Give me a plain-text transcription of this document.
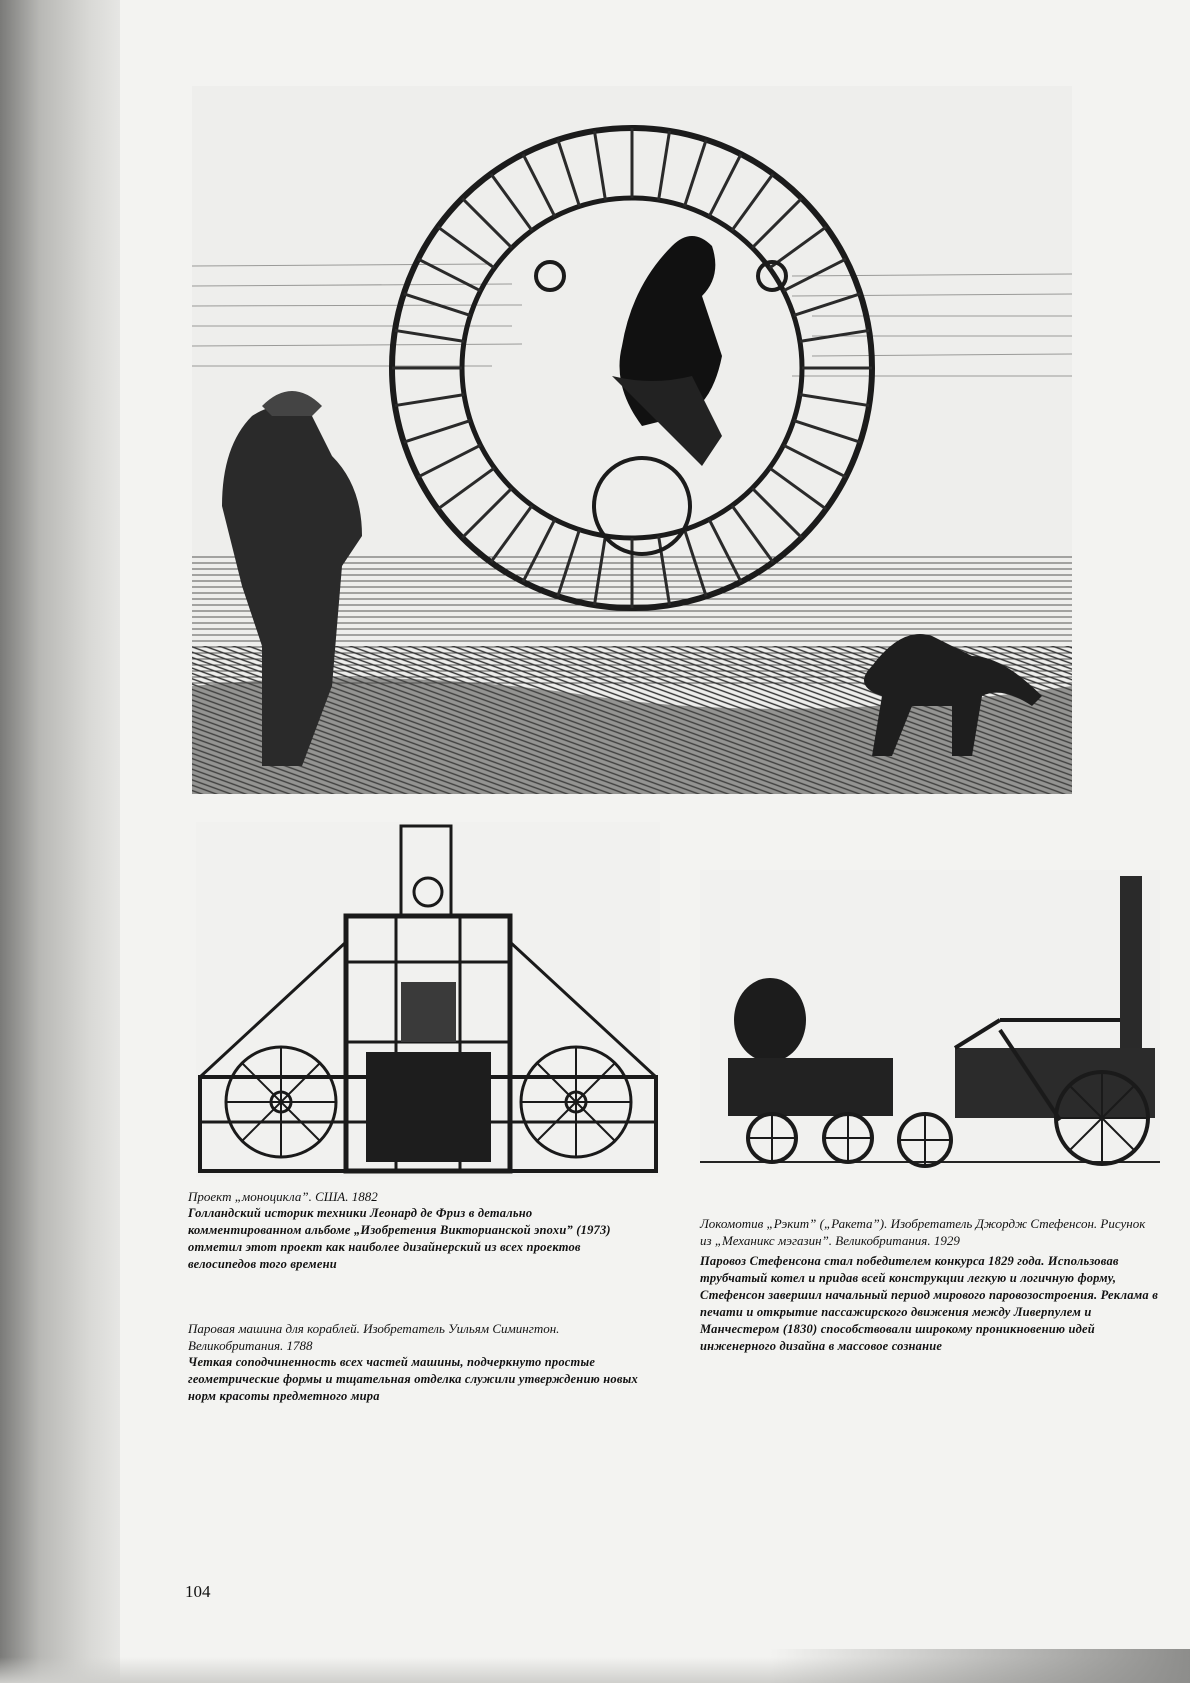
Проект „моноцикла”. США. 1882

Голландский историк техники Леонард де Фриз в детально комментированном альбоме „Изобретения Викторианской эпохи” (1973) отметил этот проект как наиболее дизайнерский из всех проектов велосипедов того времени

Паровая машина для кораблей. Изобретатель Уильям Симингтон. Великобритания. 1788

Четкая соподчиненность всех частей машины, подчеркнуто простые геометрические формы и тщательная отделка служили утверждению новых норм красоты предметного мира

Локомотив „Рэкит” („Ракета”). Изобретатель Джордж Стефенсон. Рисунок из „Механикс мэгазин”. Великобритания. 1929

Паровоз Стефенсона стал победителем конкурса 1829 года. Использовав трубчатый котел и придав всей конструкции легкую и логичную форму, Стефенсон завершил начальный период мирового паровозостроения. Реклама в печати и открытие пассажирского движения между Ливерпулем и Манчестером (1830) способствовали широкому проникновению идей инженерного дизайна в массовое сознание

104
